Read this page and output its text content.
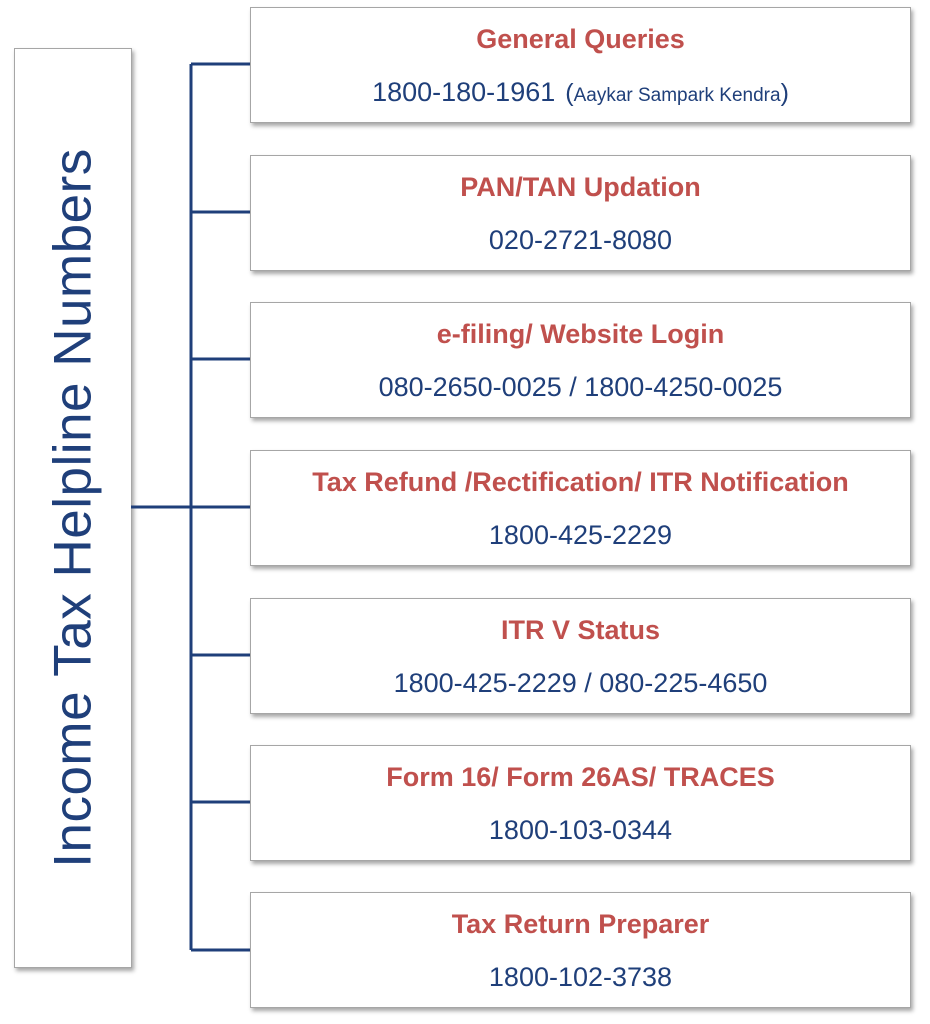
Income Tax Helpline Numbers
General Queries
1800-180-1961 (Aaykar Sampark Kendra)
PAN/TAN Updation
020-2721-8080
e-filing/ Website Login
080-2650-0025 / 1800-4250-0025
Tax Refund /Rectification/ ITR Notification
1800-425-2229
ITR V Status
1800-425-2229 / 080-225-4650
Form 16/ Form 26AS/ TRACES
1800-103-0344
Tax Return Preparer
1800-102-3738
